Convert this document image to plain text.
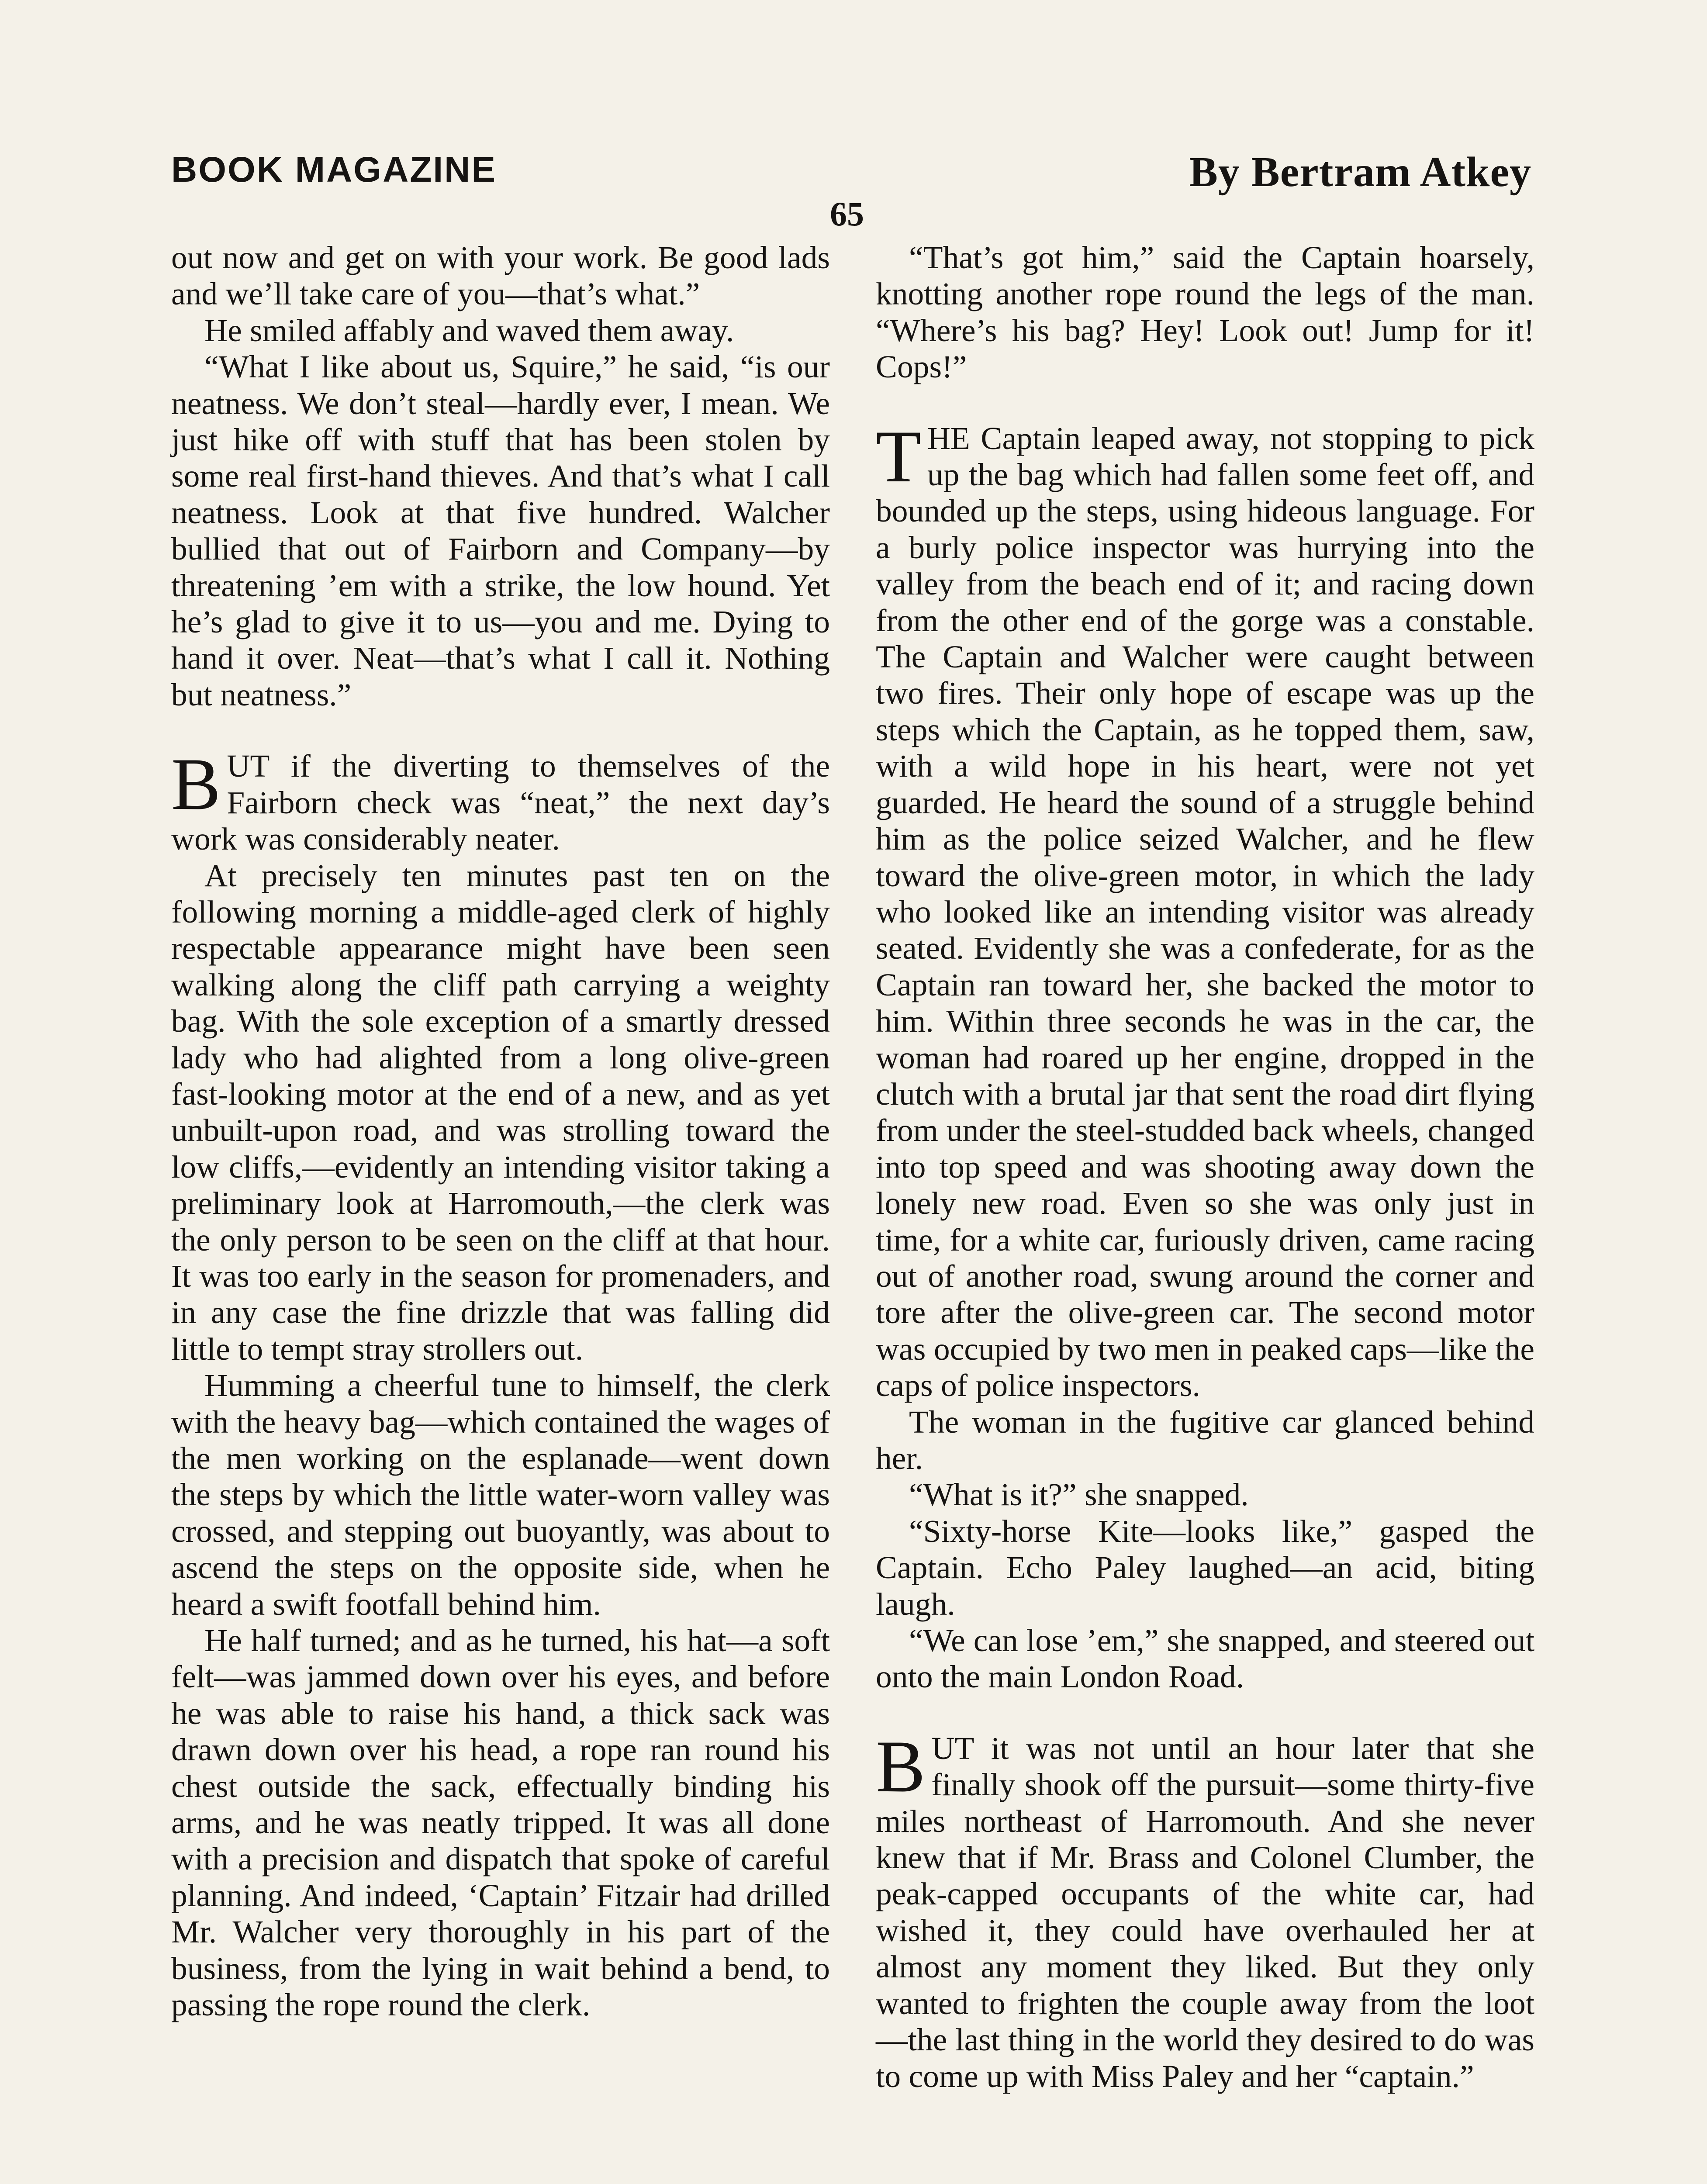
BOOK MAGAZINE	By Bertram Atkey
65

out now and get on with your work. Be good lads and we’ll take care of you—that’s what.”

He smiled affably and waved them away.

“What I like about us, Squire,” he said, “is our neatness. We don’t steal—hardly ever, I mean. We just hike off with stuff that has been stolen by some real first-hand thieves. And that’s what I call neatness. Look at that five hundred. Walcher bullied that out of Fairborn and Company—by threatening ’em with a strike, the low hound. Yet he’s glad to give it to us—you and me. Dying to hand it over. Neat—that’s what I call it. Nothing but neatness.”

BUT if the diverting to themselves of the Fairborn check was “neat,” the next day’s work was considerably neater.

At precisely ten minutes past ten on the following morning a middle-aged clerk of highly respectable appearance might have been seen walking along the cliff path carrying a weighty bag. With the sole exception of a smartly dressed lady who had alighted from a long olive-green fast-looking motor at the end of a new, and as yet unbuilt-upon road, and was strolling toward the low cliffs,—evidently an intending visitor taking a preliminary look at Harromouth,—the clerk was the only person to be seen on the cliff at that hour. It was too early in the season for promenaders, and in any case the fine drizzle that was falling did little to tempt stray strollers out.

Humming a cheerful tune to himself, the clerk with the heavy bag—which contained the wages of the men working on the esplanade—went down the steps by which the little water-worn valley was crossed, and stepping out buoyantly, was about to ascend the steps on the opposite side, when he heard a swift footfall behind him.

He half turned; and as he turned, his hat—a soft felt—was jammed down over his eyes, and before he was able to raise his hand, a thick sack was drawn down over his head, a rope ran round his chest outside the sack, effectually binding his arms, and he was neatly tripped. It was all done with a precision and dispatch that spoke of careful planning. And indeed, ‘Captain’ Fitzair had drilled Mr. Walcher very thoroughly in his part of the business, from the lying in wait behind a bend, to passing the rope round the clerk.

“That’s got him,” said the Captain hoarsely, knotting another rope round the legs of the man. “Where’s his bag? Hey! Look out! Jump for it! Cops!”

THE Captain leaped away, not stopping to pick up the bag which had fallen some feet off, and bounded up the steps, using hideous language. For a burly police inspector was hurrying into the valley from the beach end of it; and racing down from the other end of the gorge was a constable. The Captain and Walcher were caught between two fires. Their only hope of escape was up the steps which the Captain, as he topped them, saw, with a wild hope in his heart, were not yet guarded. He heard the sound of a struggle behind him as the police seized Walcher, and he flew toward the olive-green motor, in which the lady who looked like an intending visitor was already seated. Evidently she was a confederate, for as the Captain ran toward her, she backed the motor to him. Within three seconds he was in the car, the woman had roared up her engine, dropped in the clutch with a brutal jar that sent the road dirt flying from under the steel-studded back wheels, changed into top speed and was shooting away down the lonely new road. Even so she was only just in time, for a white car, furiously driven, came racing out of another road, swung around the corner and tore after the olive-green car. The second motor was occupied by two men in peaked caps—like the caps of police inspectors.

The woman in the fugitive car glanced behind her.

“What is it?” she snapped.

“Sixty-horse Kite—looks like,” gasped the Captain. Echo Paley laughed—an acid, biting laugh.

“We can lose ’em,” she snapped, and steered out onto the main London Road.

BUT it was not until an hour later that she finally shook off the pursuit—some thirty-five miles northeast of Harromouth. And she never knew that if Mr. Brass and Colonel Clumber, the peak-capped occupants of the white car, had wished it, they could have overhauled her at almost any moment they liked. But they only wanted to frighten the couple away from the loot—the last thing in the world they desired to do was to come up with Miss Paley and her “captain.”
